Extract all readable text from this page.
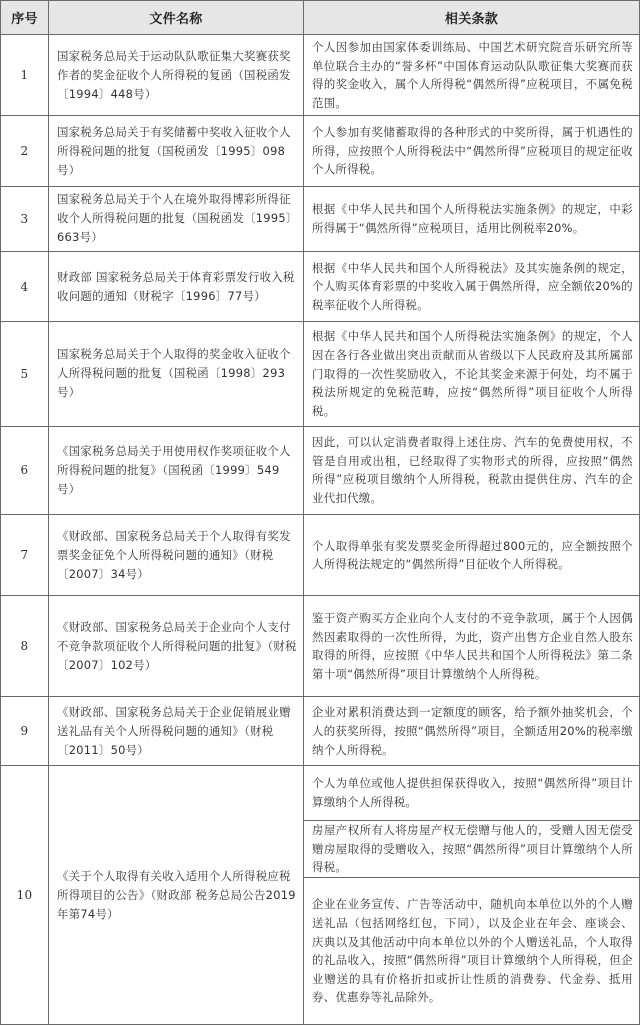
序号	文件名称	相关条款
1	国家税务总局关于运动队队歌征集大奖赛获奖作者的奖金征收个人所得税的复函（国税函发〔1994〕448号）	个人因参加由国家体委训练局、中国艺术研究院音乐研究所等单位联合主办的“誉多杯”中国体育运动队队歌征集大奖赛而获得的奖金收入，属个人所得税“偶然所得”应税项目，不属免税范围。
2	国家税务总局关于有奖储蓄中奖收入征收个人所得税问题的批复（国税函发〔1995〕098号）	个人参加有奖储蓄取得的各种形式的中奖所得，属于机遇性的所得，应按照个人所得税法中“偶然所得”应税项目的规定征收个人所得税。
3	国家税务总局关于个人在境外取得博彩所得征收个人所得税问题的批复（国税函发〔1995〕663号）	根据《中华人民共和国个人所得税法实施条例》的规定，中彩所得属于“偶然所得”应税项目，适用比例税率20%。
4	财政部 国家税务总局关于体育彩票发行收入税收问题的通知（财税字〔1996〕77号）	根据《中华人民共和国个人所得税法》及其实施条例的规定，个人购买体育彩票的中奖收入属于偶然所得，应全额依20%的税率征收个人所得税。
5	国家税务总局关于个人取得的奖金收入征收个人所得税问题的批复（国税函〔1998〕293号）	根据《中华人民共和国个人所得税法实施条例》的规定，个人因在各行各业做出突出贡献而从省级以下人民政府及其所属部门取得的一次性奖励收入，不论其奖金来源于何处，均不属于税法所规定的免税范畴，应按“偶然所得”项目征收个人所得税。
6	《国家税务总局关于用使用权作奖项征收个人所得税问题的批复》（国税函〔1999〕549号）	因此，可以认定消费者取得上述住房、汽车的免费使用权，不管是自用或出租，已经取得了实物形式的所得，应按照“偶然所得”应税项目缴纳个人所得税，税款由提供住房、汽车的企业代扣代缴。
7	《财政部、国家税务总局关于个人取得有奖发票奖金征免个人所得税问题的通知》（财税〔2007〕34号）	个人取得单张有奖发票奖金所得超过800元的，应全额按照个人所得税法规定的“偶然所得”目征收个人所得税。
8	《财政部、国家税务总局关于企业向个人支付不竞争款项征收个人所得税问题的批复》（财税〔2007〕102号）	鉴于资产购买方企业向个人支付的不竞争款项，属于个人因偶然因素取得的一次性所得，为此，资产出售方企业自然人股东取得的所得，应按照《中华人民共和国个人所得税法》第二条第十项“偶然所得”项目计算缴纳个人所得税。
9	《财政部、国家税务总局关于企业促销展业赠送礼品有关个人所得税问题的通知》（财税〔2011〕50号）	企业对累积消费达到一定额度的顾客，给予额外抽奖机会，个人的获奖所得，按照“偶然所得”项目，全额适用20%的税率缴纳个人所得税。
10	《关于个人取得有关收入适用个人所得税应税所得项目的公告》（财政部 税务总局公告2019年第74号）	个人为单位或他人提供担保获得收入，按照“偶然所得”项目计算缴纳个人所得税。
		房屋产权所有人将房屋产权无偿赠与他人的，受赠人因无偿受赠房屋取得的受赠收入，按照“偶然所得”项目计算缴纳个人所得税。
		企业在业务宣传、广告等活动中，随机向本单位以外的个人赠送礼品（包括网络红包，下同），以及企业在年会、座谈会、庆典以及其他活动中向本单位以外的个人赠送礼品，个人取得的礼品收入，按照“偶然所得”项目计算缴纳个人所得税，但企业赠送的具有价格折扣或折让性质的消费券、代金券、抵用券、优惠券等礼品除外。
